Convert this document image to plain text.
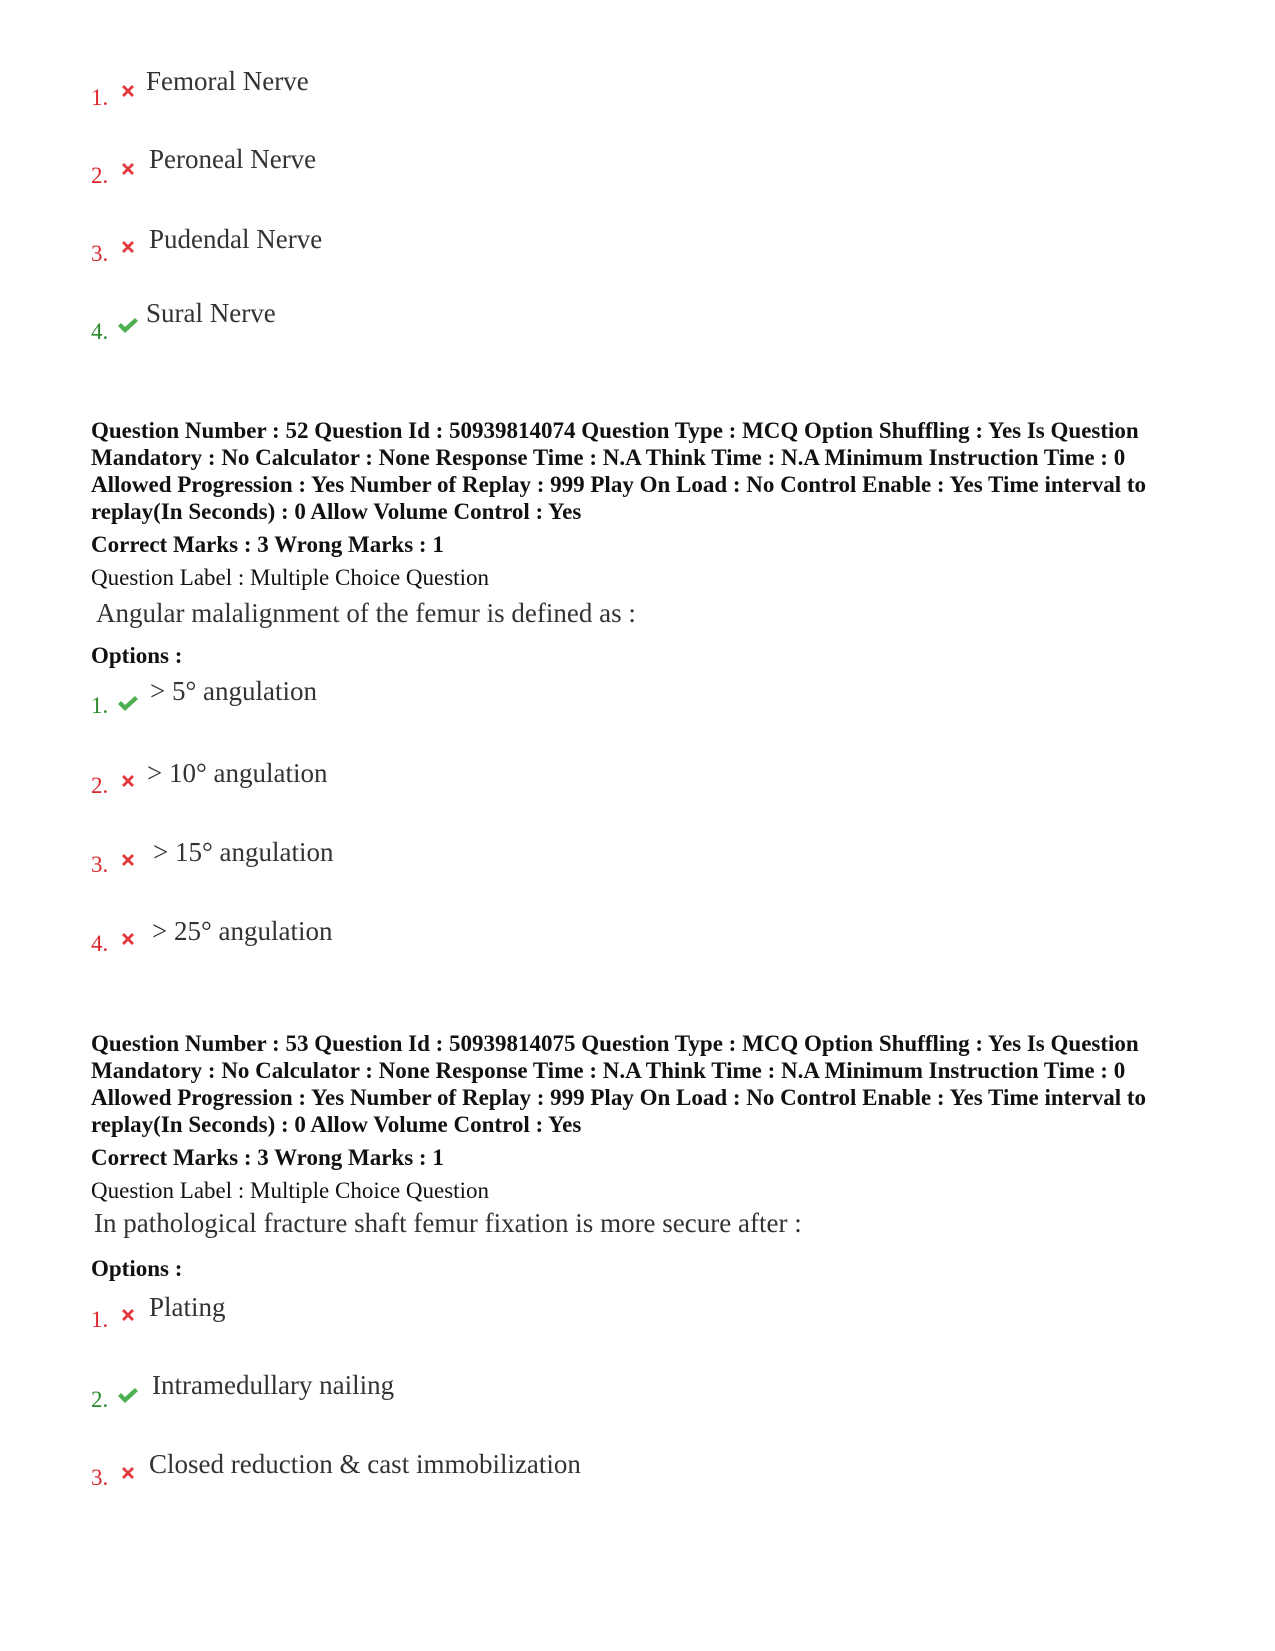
1.
Femoral Nerve
2.
Peroneal Nerve
3. Pudendal Nerve
4.
Sural Nerve

Question Number : 52 Question Id : 50939814074 Question Type : MCQ Option Shuffling : Yes Is Question Mandatory : No Calculator : None Response Time : N.A Think Time : N.A Minimum Instruction Time : 0 Allowed Progression : Yes Number of Replay : 999 Play On Load : No Control Enable : Yes Time interval to replay(In Seconds) : 0 Allow Volume Control : Yes

Correct Marks : 3 Wrong Marks : 1
Question Label : Multiple Choice Question
Angular malalignment of the femur is defined as :
Options :
1. > 5° angulation
2. > 10° angulation
3. > 15° angulation
4. > 25° angulation

Question Number : 53 Question Id : 50939814075 Question Type : MCQ Option Shuffling : Yes Is Question Mandatory : No Calculator : None Response Time : N.A Think Time : N.A Minimum Instruction Time : 0 Allowed Progression : Yes Number of Replay : 999 Play On Load : No Control Enable : Yes Time interval to replay(In Seconds) : 0 Allow Volume Control : Yes

Correct Marks : 3 Wrong Marks : 1
Question Label : Multiple Choice Question
In pathological fracture shaft femur fixation is more secure after :
Options :
1. Plating
2. Intramedullary nailing
3. Closed reduction & cast immobilization
